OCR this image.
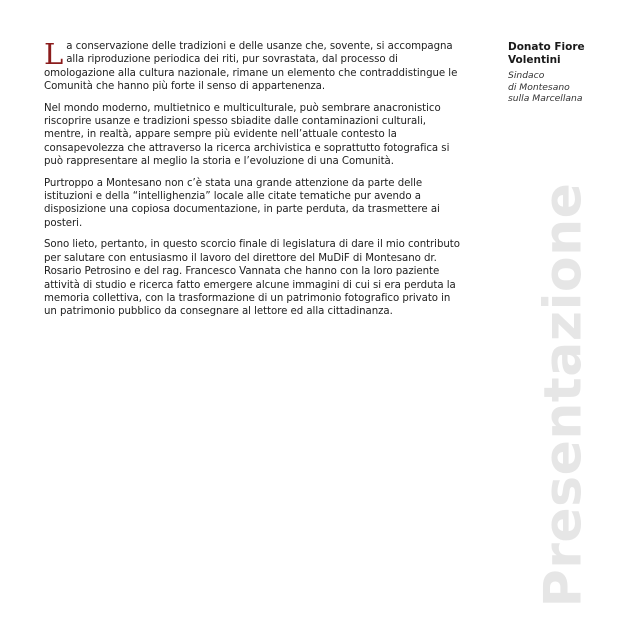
La conservazione delle tradizioni e delle usanze che, sovente, si accompagna alla riproduzione periodica dei riti, pur sovrastata, dal processo di omologazione alla cultura nazionale, rimane un elemento che contraddistingue le Comunità che hanno più forte il senso di appartenenza.

Nel mondo moderno, multietnico e multiculturale, può sembrare anacronistico riscoprire usanze e tradizioni spesso sbiadite dalle contaminazioni culturali, mentre, in realtà, appare sempre più evidente nell’attuale contesto la consapevolezza che attraverso la ricerca archivistica e soprattutto fotografica si può rappresentare al meglio la storia e l’evoluzione di una Comunità.

Purtroppo a Montesano non c’è stata una grande attenzione da parte delle istituzioni e della “intellighenzia” locale alle citate tematiche pur avendo a disposizione una copiosa documentazione, in parte perduta, da trasmettere ai posteri.

Sono lieto, pertanto, in questo scorcio finale di legislatura di dare il mio contributo per salutare con entusiasmo il lavoro del direttore del MuDiF di Montesano dr. Rosario Petrosino e del rag. Francesco Vannata che hanno con la loro paziente attività di studio e ricerca fatto emergere alcune immagini di cui si era perduta la memoria collettiva, con la trasformazione di un patrimonio fotografico privato in un patrimonio pubblico da consegnare al lettore ed alla cittadinanza.

Donato Fiore Volentini
Sindaco
di Montesano
sulla Marcellana
Presentazione
